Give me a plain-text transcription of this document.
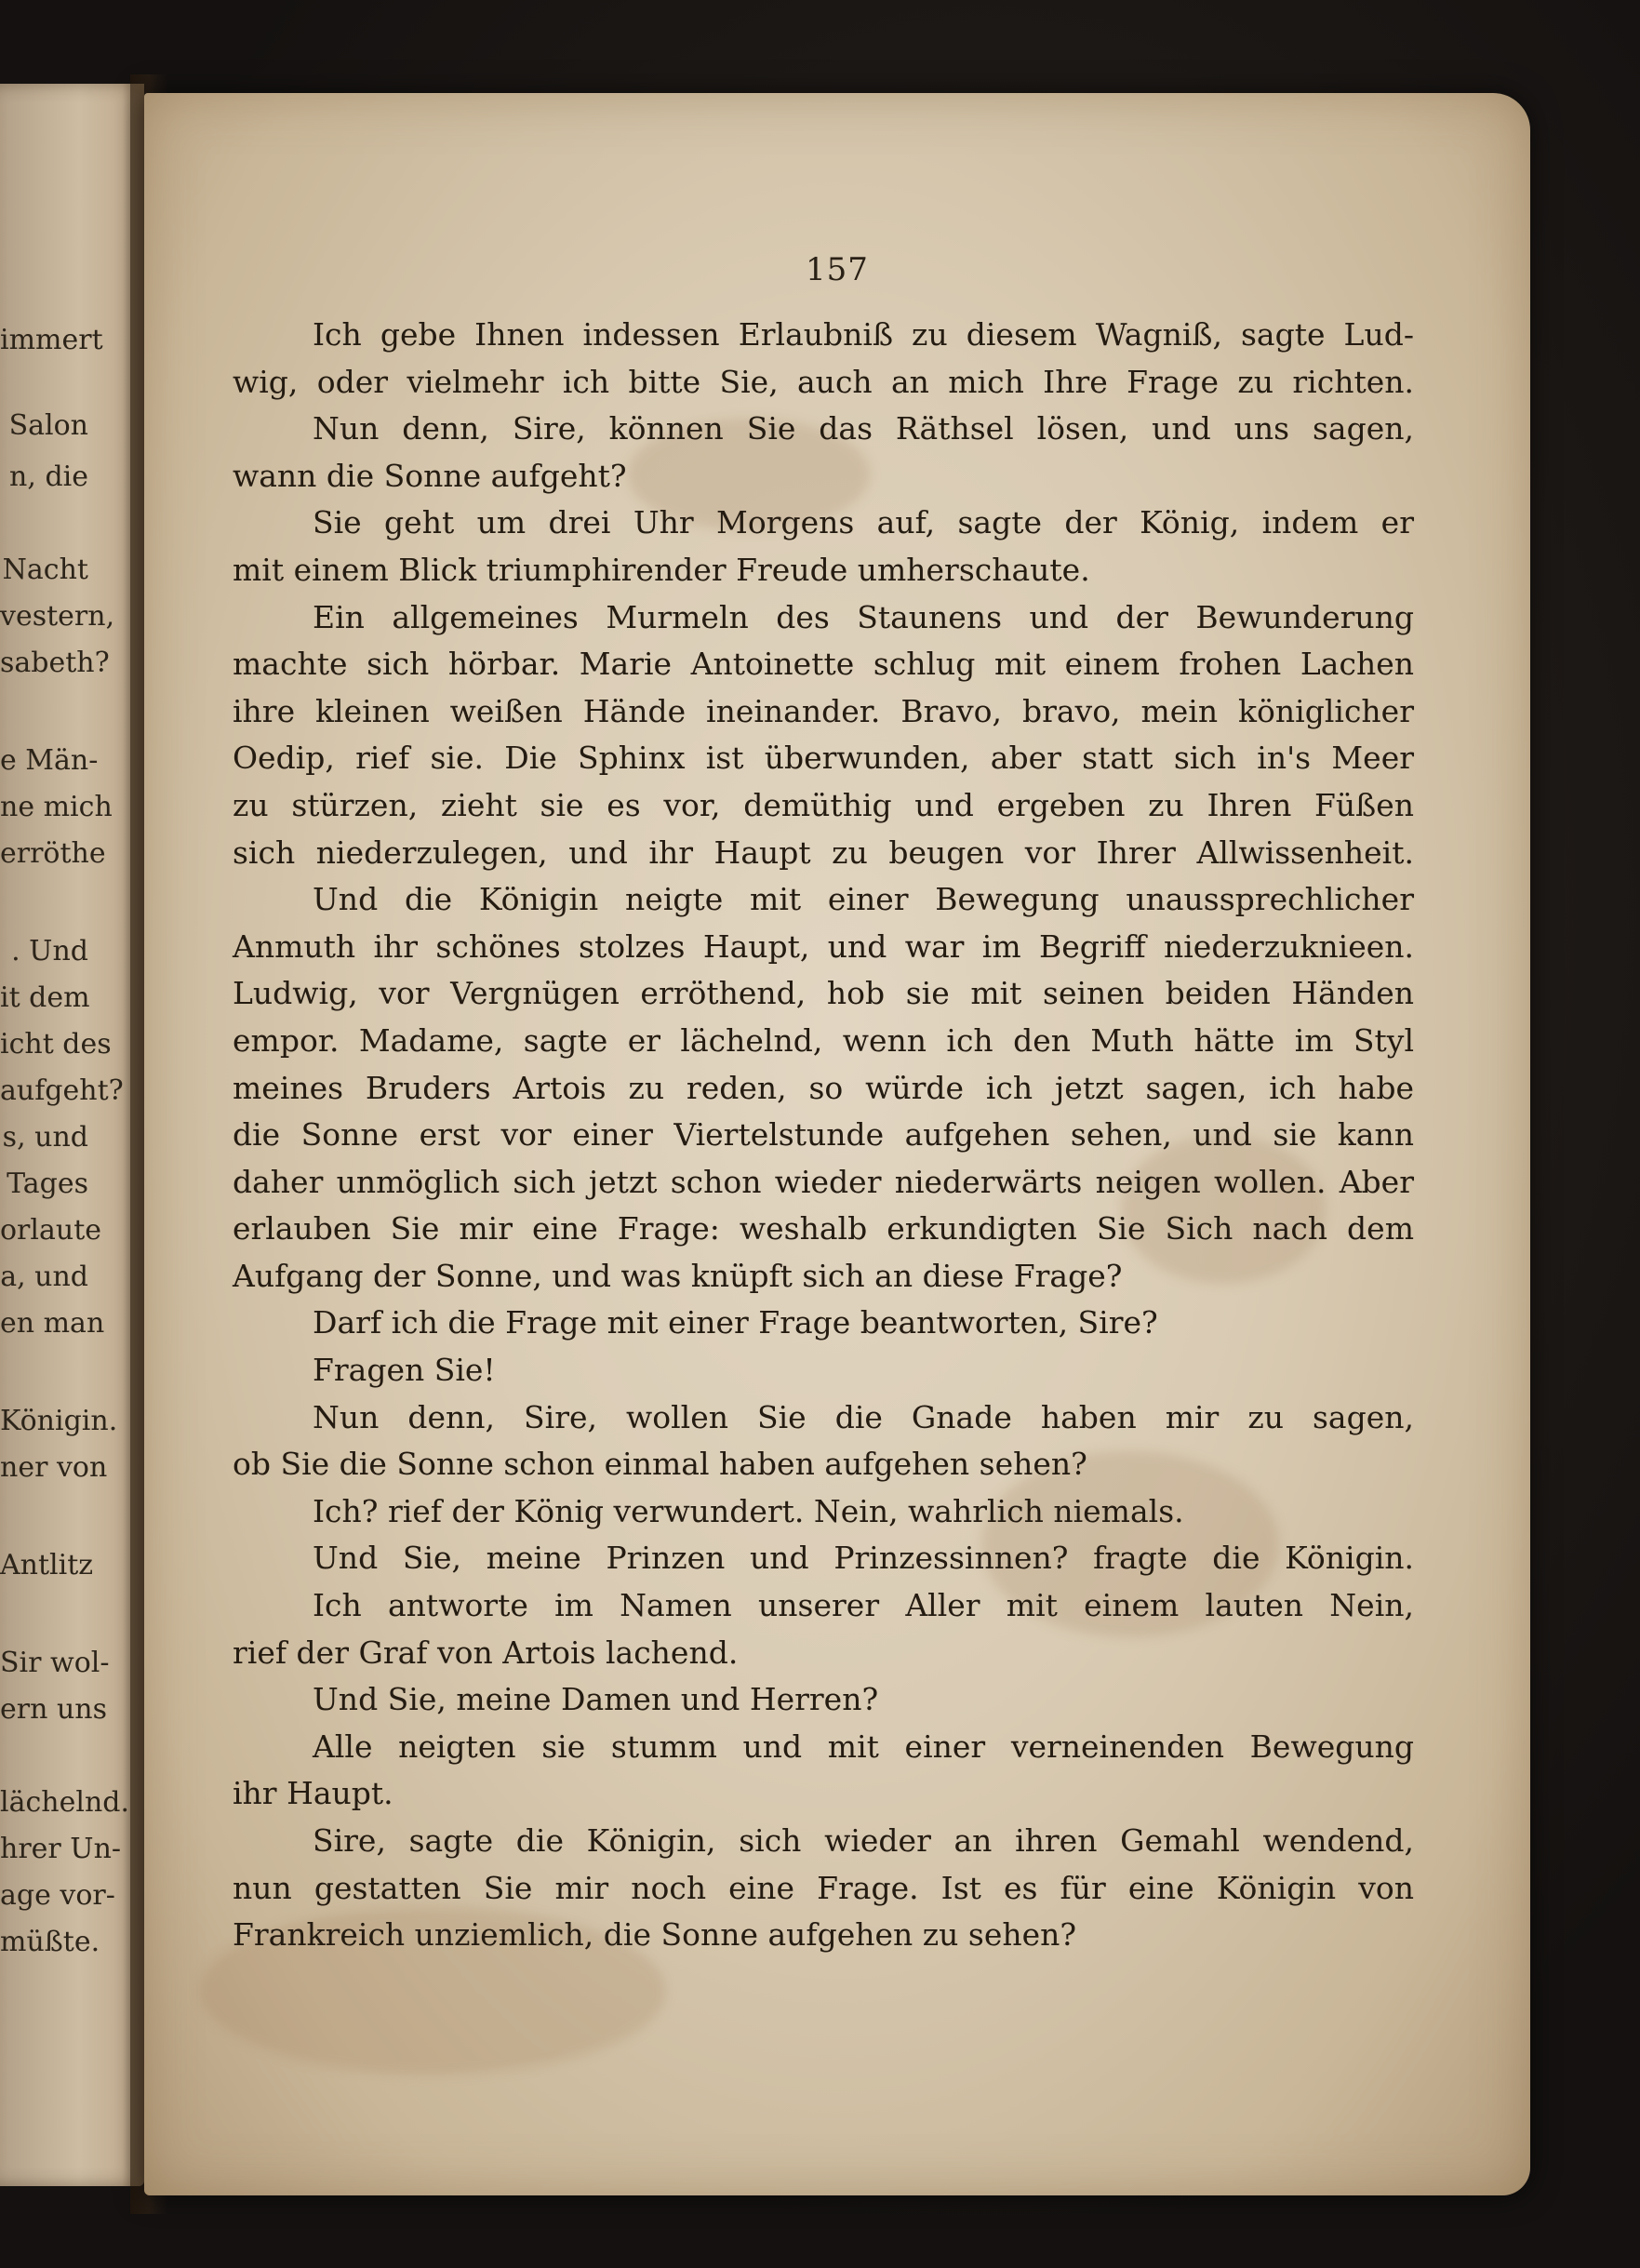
immert
Salon
n, die
Nacht
vestern,
sabeth?
e Män-
ne mich
erröthe
. Und
it dem
icht des
aufgeht?
s, und
Tages
orlaute
a, und
en man
Königin.
ner von
Antlitz
Sir wol-
ern uns
lächelnd.
hrer Un-
age vor-
müßte.
157
Ich gebe Ihnen indessen Erlaubniß zu diesem Wagniß, sagte Lud-
wig, oder vielmehr ich bitte Sie, auch an mich Ihre Frage zu richten.
Nun denn, Sire, können Sie das Räthsel lösen, und uns sagen,
wann die Sonne aufgeht?
Sie geht um drei Uhr Morgens auf, sagte der König, indem er
mit einem Blick triumphirender Freude umherschaute.
Ein allgemeines Murmeln des Staunens und der Bewunderung
machte sich hörbar. Marie Antoinette schlug mit einem frohen Lachen
ihre kleinen weißen Hände ineinander. Bravo, bravo, mein königlicher
Oedip, rief sie. Die Sphinx ist überwunden, aber statt sich in's Meer
zu stürzen, zieht sie es vor, demüthig und ergeben zu Ihren Füßen
sich niederzulegen, und ihr Haupt zu beugen vor Ihrer Allwissenheit.
Und die Königin neigte mit einer Bewegung unaussprechlicher
Anmuth ihr schönes stolzes Haupt, und war im Begriff niederzuknieen.
Ludwig, vor Vergnügen erröthend, hob sie mit seinen beiden Händen
empor. Madame, sagte er lächelnd, wenn ich den Muth hätte im Styl
meines Bruders Artois zu reden, so würde ich jetzt sagen, ich habe
die Sonne erst vor einer Viertelstunde aufgehen sehen, und sie kann
daher unmöglich sich jetzt schon wieder niederwärts neigen wollen. Aber
erlauben Sie mir eine Frage: weshalb erkundigten Sie Sich nach dem
Aufgang der Sonne, und was knüpft sich an diese Frage?
Darf ich die Frage mit einer Frage beantworten, Sire?
Fragen Sie!
Nun denn, Sire, wollen Sie die Gnade haben mir zu sagen,
ob Sie die Sonne schon einmal haben aufgehen sehen?
Ich? rief der König verwundert. Nein, wahrlich niemals.
Und Sie, meine Prinzen und Prinzessinnen? fragte die Königin.
Ich antworte im Namen unserer Aller mit einem lauten Nein,
rief der Graf von Artois lachend.
Und Sie, meine Damen und Herren?
Alle neigten sie stumm und mit einer verneinenden Bewegung
ihr Haupt.
Sire, sagte die Königin, sich wieder an ihren Gemahl wendend,
nun gestatten Sie mir noch eine Frage. Ist es für eine Königin von
Frankreich unziemlich, die Sonne aufgehen zu sehen?
